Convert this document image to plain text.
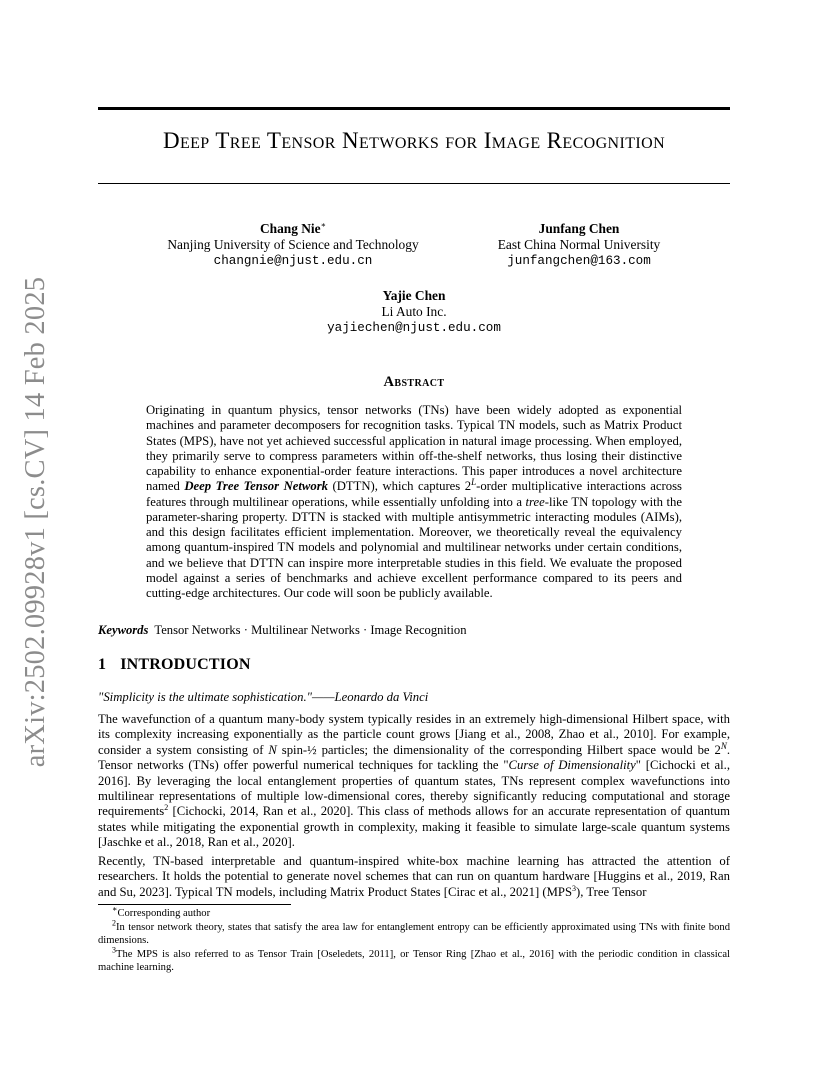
arXiv:2502.09928v1 [cs.CV] 14 Feb 2025
Deep Tree Tensor Networks for Image Recognition
Chang Nie∗
Nanjing University of Science and Technology
changnie@njust.edu.cn
Junfang Chen
East China Normal University
junfangchen@163.com
Yajie Chen
Li Auto Inc.
yajiechen@njust.edu.com
Abstract
Originating in quantum physics, tensor networks (TNs) have been widely adopted as exponential machines and parameter decomposers for recognition tasks. Typical TN models, such as Matrix Product States (MPS), have not yet achieved successful application in natural image processing. When employed, they primarily serve to compress parameters within off-the-shelf networks, thus losing their distinctive capability to enhance exponential-order feature interactions. This paper introduces a novel architecture named Deep Tree Tensor Network (DTTN), which captures $2^L$-order multiplicative interactions across features through multilinear operations, while essentially unfolding into a tree-like TN topology with the parameter-sharing property. DTTN is stacked with multiple antisymmetric interacting modules (AIMs), and this design facilitates efficient implementation. Moreover, we theoretically reveal the equivalency among quantum-inspired TN models and polynomial and multilinear networks under certain conditions, and we believe that DTTN can inspire more interpretable studies in this field. We evaluate the proposed model against a series of benchmarks and achieve excellent performance compared to its peers and cutting-edge architectures. Our code will soon be publicly available.
Keywords Tensor Networks · Multilinear Networks · Image Recognition
1 INTRODUCTION
"Simplicity is the ultimate sophistication."——Leonardo da Vinci
The wavefunction of a quantum many-body system typically resides in an extremely high-dimensional Hilbert space, with its complexity increasing exponentially as the particle count grows [Jiang et al., 2008, Zhao et al., 2010]. For example, consider a system consisting of N spin-½ particles; the dimensionality of the corresponding Hilbert space would be $2^N$. Tensor networks (TNs) offer powerful numerical techniques for tackling the "Curse of Dimensionality" [Cichocki et al., 2016]. By leveraging the local entanglement properties of quantum states, TNs represent complex wavefunctions into multilinear representations of multiple low-dimensional cores, thereby significantly reducing computational and storage requirements$^2$ [Cichocki, 2014, Ran et al., 2020]. This class of methods allows for an accurate representation of quantum states while mitigating the exponential growth in complexity, making it feasible to simulate large-scale quantum systems [Jaschke et al., 2018, Ran et al., 2020].
Recently, TN-based interpretable and quantum-inspired white-box machine learning has attracted the attention of researchers. It holds the potential to generate novel schemes that can run on quantum hardware [Huggins et al., 2019, Ran and Su, 2023]. Typical TN models, including Matrix Product States [Cirac et al., 2021] (MPS$^3$), Tree Tensor

∗Corresponding author

$^2$In tensor network theory, states that satisfy the area law for entanglement entropy can be efficiently approximated using TNs with finite bond dimensions.

$^3$The MPS is also referred to as Tensor Train [Oseledets, 2011], or Tensor Ring [Zhao et al., 2016] with the periodic condition in classical machine learning.
